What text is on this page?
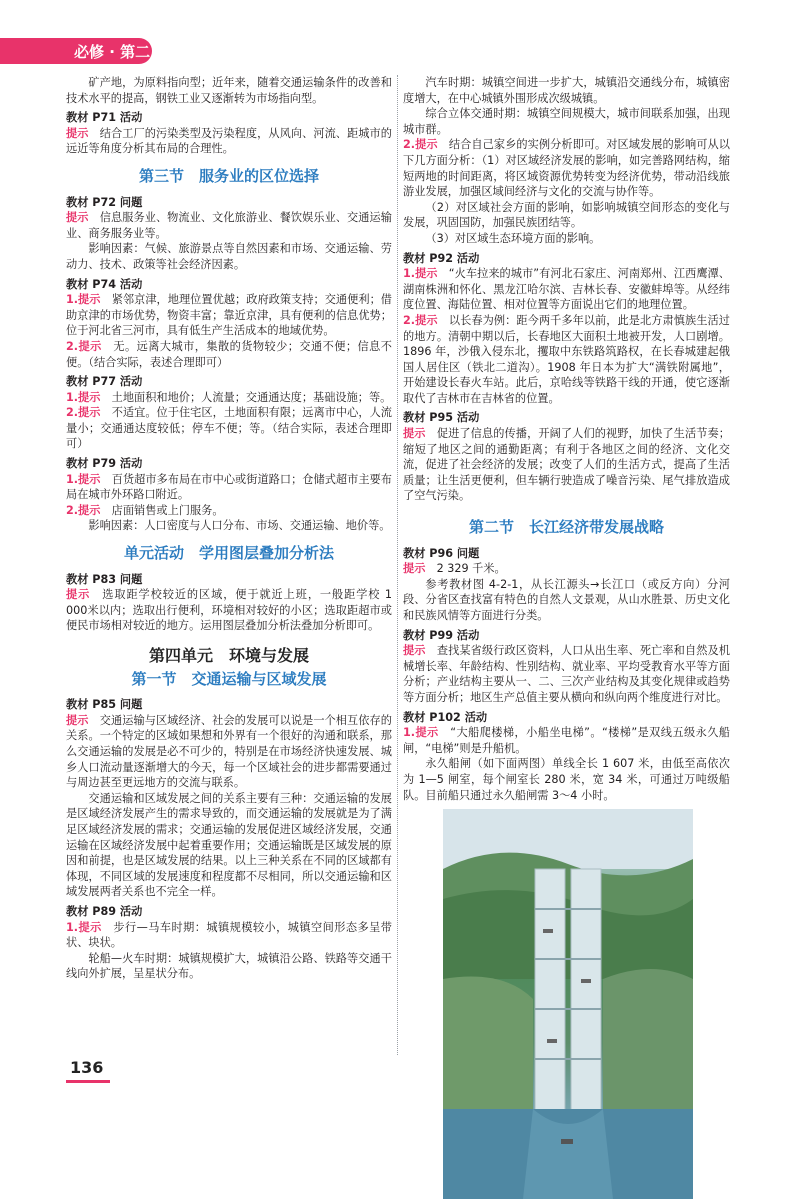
必修 · 第二册

矿产地，为原料指向型；近年来，随着交通运输条件的改善和技术水平的提高，钢铁工业又逐渐转为市场指向型。

教材 P71 活动

提示　 结合工厂的污染类型及污染程度，从风向、河流、距城市的远近等角度分析其布局的合理性。

第三节　服务业的区位选择
教材 P72 问题

提示　 信息服务业、物流业、文化旅游业、餐饮娱乐业、交通运输业、商务服务业等。

影响因素：气候、旅游景点等自然因素和市场、交通运输、劳动力、技术、政策等社会经济因素。

教材 P74 活动

1.提示　 紧邻京津，地理位置优越；政府政策支持；交通便利；借助京津的市场优势，物资丰富；靠近京津，具有便利的信息优势；位于河北省三河市，具有低生产生活成本的地域优势。

2.提示　 无。远离大城市，集散的货物较少；交通不便；信息不便。（结合实际，表述合理即可）

教材 P77 活动

1.提示　 土地面积和地价；人流量；交通通达度；基础设施；等。

2.提示　 不适宜。位于住宅区，土地面积有限；远离市中心，人流量小；交通通达度较低；停车不便；等。（结合实际，表述合理即可）

教材 P79 活动

1.提示　 百货超市多布局在市中心或街道路口；仓储式超市主要布局在城市外环路口附近。

2.提示　 店面销售或上门服务。

影响因素：人口密度与人口分布、市场、交通运输、地价等。

单元活动　学用图层叠加分析法
教材 P83 问题

提示　 选取距学校较近的区域，便于就近上班，一般距学校 1 000米以内；选取出行便利，环境相对较好的小区；选取距超市或便民市场相对较近的地方。运用图层叠加分析法叠加分析即可。

第四单元　环境与发展
第一节　交通运输与区域发展
教材 P85 问题

提示　 交通运输与区域经济、社会的发展可以说是一个相互依存的关系。一个特定的区域如果想和外界有一个很好的沟通和联系，那么交通运输的发展是必不可少的，特别是在市场经济快速发展、城乡人口流动量逐渐增大的今天，每一个区域社会的进步都需要通过与周边甚至更远地方的交流与联系。

交通运输和区域发展之间的关系主要有三种：交通运输的发展是区域经济发展产生的需求导致的，而交通运输的发展就是为了满足区域经济发展的需求；交通运输的发展促进区域经济发展，交通运输在区域经济发展中起着重要作用；交通运输既是区域发展的原因和前提，也是区域发展的结果。以上三种关系在不同的区域都有体现，不同区域的发展速度和程度都不尽相同，所以交通运输和区域发展两者关系也不完全一样。

教材 P89 活动

1.提示　 步行—马车时期：城镇规模较小，城镇空间形态多呈带状、块状。

轮船—火车时期：城镇规模扩大，城镇沿公路、铁路等交通干线向外扩展，呈星状分布。

汽车时期：城镇空间进一步扩大，城镇沿交通线分布，城镇密度增大，在中心城镇外围形成次级城镇。

综合立体交通时期：城镇空间规模大，城市间联系加强，出现城市群。

2.提示　 结合自己家乡的实例分析即可。对区域发展的影响可从以下几方面分析：（1）对区域经济发展的影响，如完善路网结构，缩短两地的时间距离，将区域资源优势转变为经济优势，带动沿线旅游业发展，加强区域间经济与文化的交流与协作等。

（2）对区域社会方面的影响，如影响城镇空间形态的变化与发展，巩固国防，加强民族团结等。

（3）对区域生态环境方面的影响。

教材 P92 活动

1.提示　 “火车拉来的城市”有河北石家庄、河南郑州、江西鹰潭、湖南株洲和怀化、黑龙江哈尔滨、吉林长春、安徽蚌埠等。从经纬度位置、海陆位置、相对位置等方面说出它们的地理位置。

2.提示　 以长春为例：距今两千多年以前，此是北方肃慎族生活过的地方。清朝中期以后，长春地区大面积土地被开发，人口剧增。1896 年，沙俄入侵东北，攫取中东铁路筑路权，在长春城建起俄国人居住区（铁北二道沟）。1908 年日本为扩大“满铁附属地”，开始建设长春火车站。此后，京哈线等铁路干线的开通，使它逐渐取代了吉林市在吉林省的位置。

教材 P95 活动

提示　 促进了信息的传播，开阔了人们的视野，加快了生活节奏；缩短了地区之间的通勤距离；有利于各地区之间的经济、文化交流，促进了社会经济的发展；改变了人们的生活方式，提高了生活质量；让生活更便利，但车辆行驶造成了噪音污染、尾气排放造成了空气污染。

第二节　长江经济带发展战略
教材 P96 问题

提示　 2 329 千米。

参考教材图 4-2-1，从长江源头→长江口（或反方向）分河段、分省区查找富有特色的自然人文景观，从山水胜景、历史文化和民族风情等方面进行分类。

教材 P99 活动

提示　 查找某省级行政区资料，人口从出生率、死亡率和自然及机械增长率、年龄结构、性别结构、就业率、平均受教育水平等方面分析；产业结构主要从一、二、三次产业结构及其变化规律或趋势等方面分析；地区生产总值主要从横向和纵向两个维度进行对比。

教材 P102 活动

1.提示　 “大船爬楼梯，小船坐电梯”。“楼梯”是双线五级永久船闸，“电梯”则是升船机。

永久船闸（如下面两图）单线全长 1 607 米，由低至高依次为 1—5 闸室，每个闸室长 280 米，宽 34 米，可通过万吨级船队。目前船只通过永久船闸需 3～4 小时。

136
